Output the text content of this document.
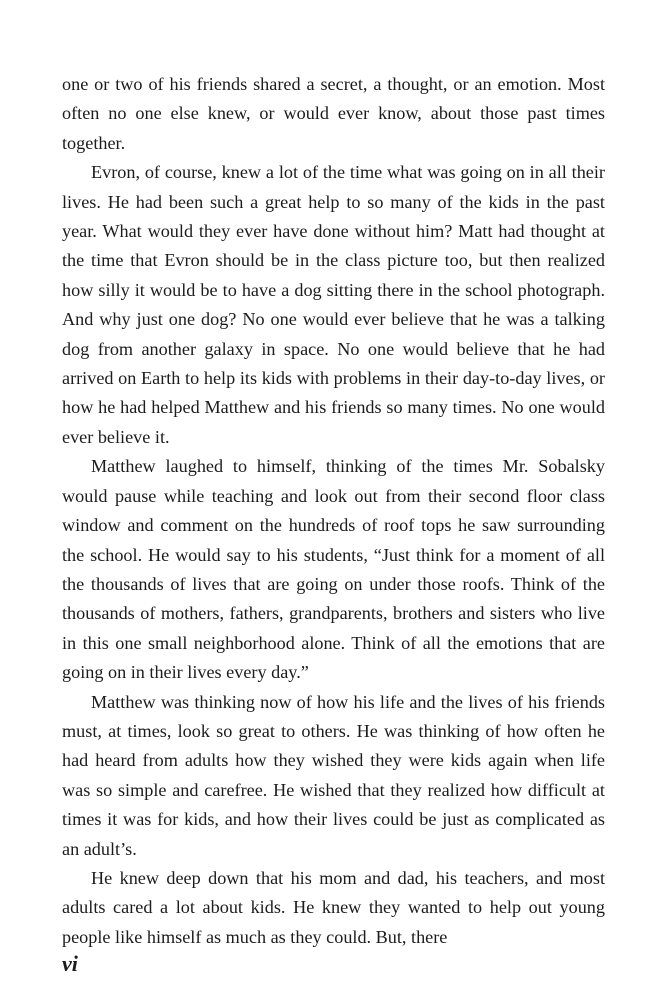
one or two of his friends shared a secret, a thought, or an emotion. Most often no one else knew, or would ever know, about those past times together.

Evron, of course, knew a lot of the time what was going on in all their lives. He had been such a great help to so many of the kids in the past year. What would they ever have done without him? Matt had thought at the time that Evron should be in the class picture too, but then realized how silly it would be to have a dog sitting there in the school photograph. And why just one dog? No one would ever believe that he was a talking dog from another galaxy in space. No one would believe that he had arrived on Earth to help its kids with problems in their day-to-day lives, or how he had helped Matthew and his friends so many times. No one would ever believe it.

Matthew laughed to himself, thinking of the times Mr. Sobalsky would pause while teaching and look out from their second floor class window and comment on the hundreds of roof tops he saw surrounding the school. He would say to his students, “Just think for a moment of all the thousands of lives that are going on under those roofs. Think of the thousands of mothers, fathers, grandparents, brothers and sisters who live in this one small neighborhood alone. Think of all the emotions that are going on in their lives every day.”

Matthew was thinking now of how his life and the lives of his friends must, at times, look so great to others. He was thinking of how often he had heard from adults how they wished they were kids again when life was so simple and carefree. He wished that they realized how difficult at times it was for kids, and how their lives could be just as complicated as an adult’s.

He knew deep down that his mom and dad, his teachers, and most adults cared a lot about kids. He knew they wanted to help out young people like himself as much as they could. But, there

vi
